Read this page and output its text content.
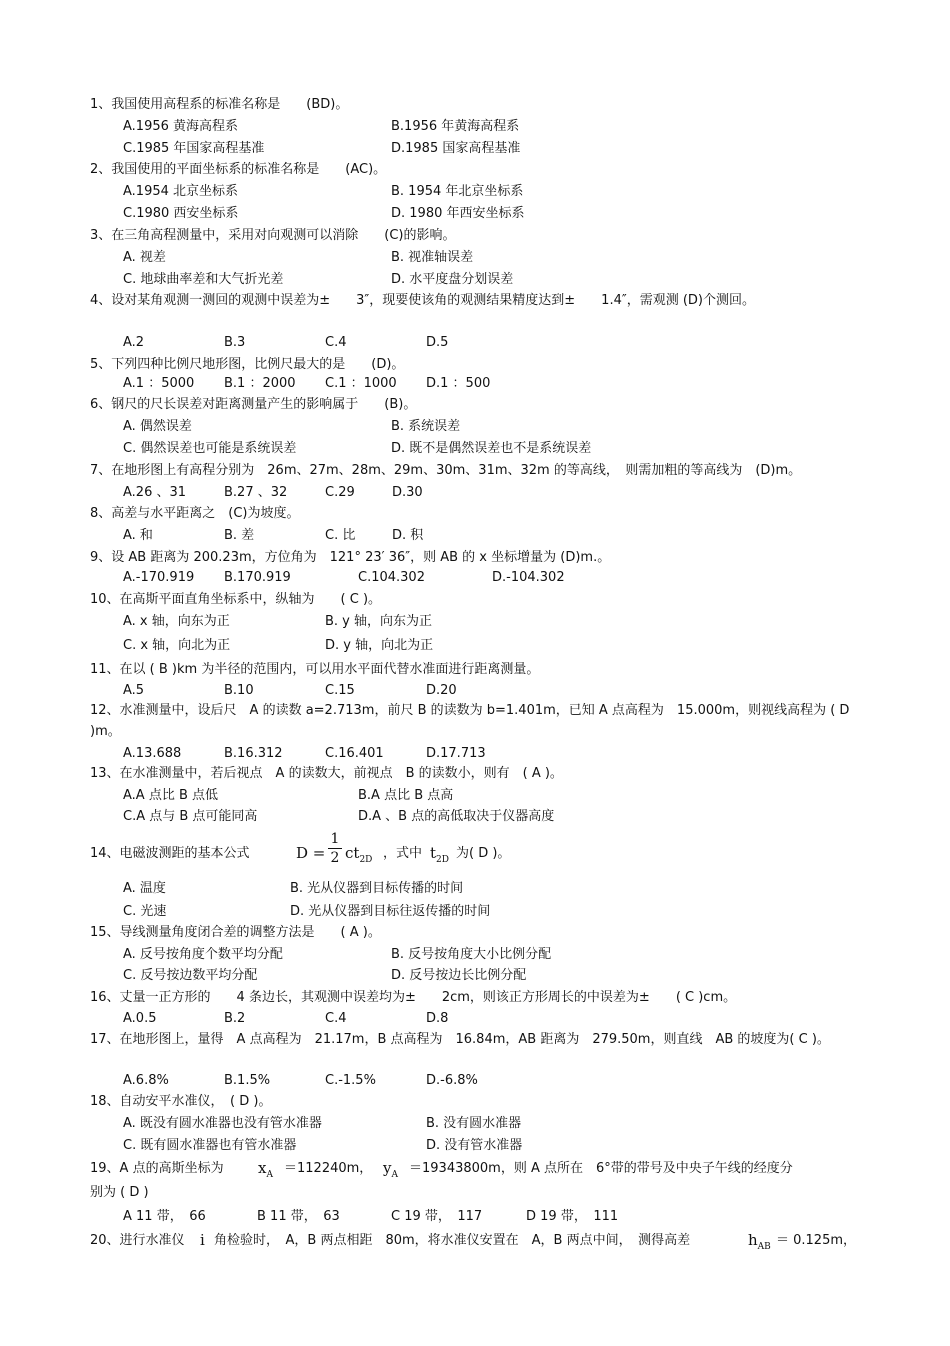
1、我国使用高程系的标准名称是　　(BD)。
A.1956 黄海高程系	B.1956 年黄海高程系
C.1985 年国家高程基准	D.1985 国家高程基准
2、我国使用的平面坐标系的标准名称是　　(AC)。
A.1954 北京坐标系	B. 1954 年北京坐标系
C.1980 西安坐标系	D. 1980 年西安坐标系
3、在三角高程测量中，采用对向观测可以消除　　(C)的影响。
A. 视差	B. 视准轴误差
C. 地球曲率差和大气折光差	D. 水平度盘分划误差
4、设对某角观测一测回的观测中误差为±　　3″，现要使该角的观测结果精度达到±　　1.4″，需观测 (D)个测回。
A.2	B.3	C.4	D.5
5、下列四种比例尺地形图，比例尺最大的是　　(D)。
A.1 ：5000 B.1 ：2000 C.1 ：1000 D.1 ：500
6、钢尺的尺长误差对距离测量产生的影响属于　　(B)。
A. 偶然误差	B. 系统误差
C. 偶然误差也可能是系统误差	D. 既不是偶然误差也不是系统误差
7、在地形图上有高程分别为　26m、27m、28m、29m、30m、31m、32m 的等高线，　则需加粗的等高线为　(D)m。
A.26 、31	B.27 、32	C.29	D.30
8、高差与水平距离之　(C)为坡度。
A. 和	B. 差	C. 比	D. 积
9、设 AB 距离为 200.23m，方位角为　121° 23′ 36″，则 AB 的 x 坐标增量为 (D)m.。
A.-170.919 B.170.919	C.104.302	D.-104.302
10、在高斯平面直角坐标系中，纵轴为　　( C )。
A. x 轴，向东为正	B. y 轴，向东为正
C. x 轴，向北为正	D. y 轴，向北为正
11、在以 ( B )km 为半径的范围内，可以用水平面代替水准面进行距离测量。
A.5	B.10	C.15	D.20
12、水准测量中，设后尺　A 的读数 a=2.713m，前尺 B 的读数为 b=1.401m，已知 A 点高程为　15.000m，则视线高程为 ( D )m。
A.13.688	B.16.312	C.16.401	D.17.713
13、在水准测量中，若后视点　A 的读数大，前视点　B 的读数小，则有　( A )。
A.A 点比 B 点低	B.A 点比 B 点高
C.A 点与 B 点可能同高	D.A 、B 点的高低取决于仪器高度
14、电磁波测距的基本公式	D =
1
2 $ct_{2D}$ ，式中 $t_{2D}$ 为( D )。
A. 温度	B. 光从仪器到目标传播的时间
C. 光速	D. 光从仪器到目标往返传播的时间
15、导线测量角度闭合差的调整方法是　　( A )。
A. 反号按角度个数平均分配	B. 反号按角度大小比例分配
C. 反号按边数平均分配	D. 反号按边长比例分配
16、丈量一正方形的　　4 条边长，其观测中误差均为±　　2cm，则该正方形周长的中误差为±　　( C )cm。
A.0.5	B.2	C.4	D.8
17、在地形图上，量得　A 点高程为　21.17m，B 点高程为　16.84m，AB 距离为　279.50m，则直线　AB 的坡度为( C )。
A.6.8%	B.1.5%	C.-1.5%	D.-6.8%
18、自动安平水准仪，　( D )。
A. 既没有圆水准器也没有管水准器	B. 没有圆水准器
C. 既有圆水准器也有管水准器	D. 没有管水准器
19、A 点的高斯坐标为 $x_A =112240m$， $y_A =19343800m$，则 A 点所在　6°带的带号及中央子午线的经度分
别为 ( D )
A 11 带，　66	B 11 带，　63	C 19 带，　117	D 19 带，　111
20、进行水准仪 i 角检验时，　A，B 两点相距　80m，将水准仪安置在　A，B 两点中间，　测得高差	$h_{AB} = 0.125m$，
